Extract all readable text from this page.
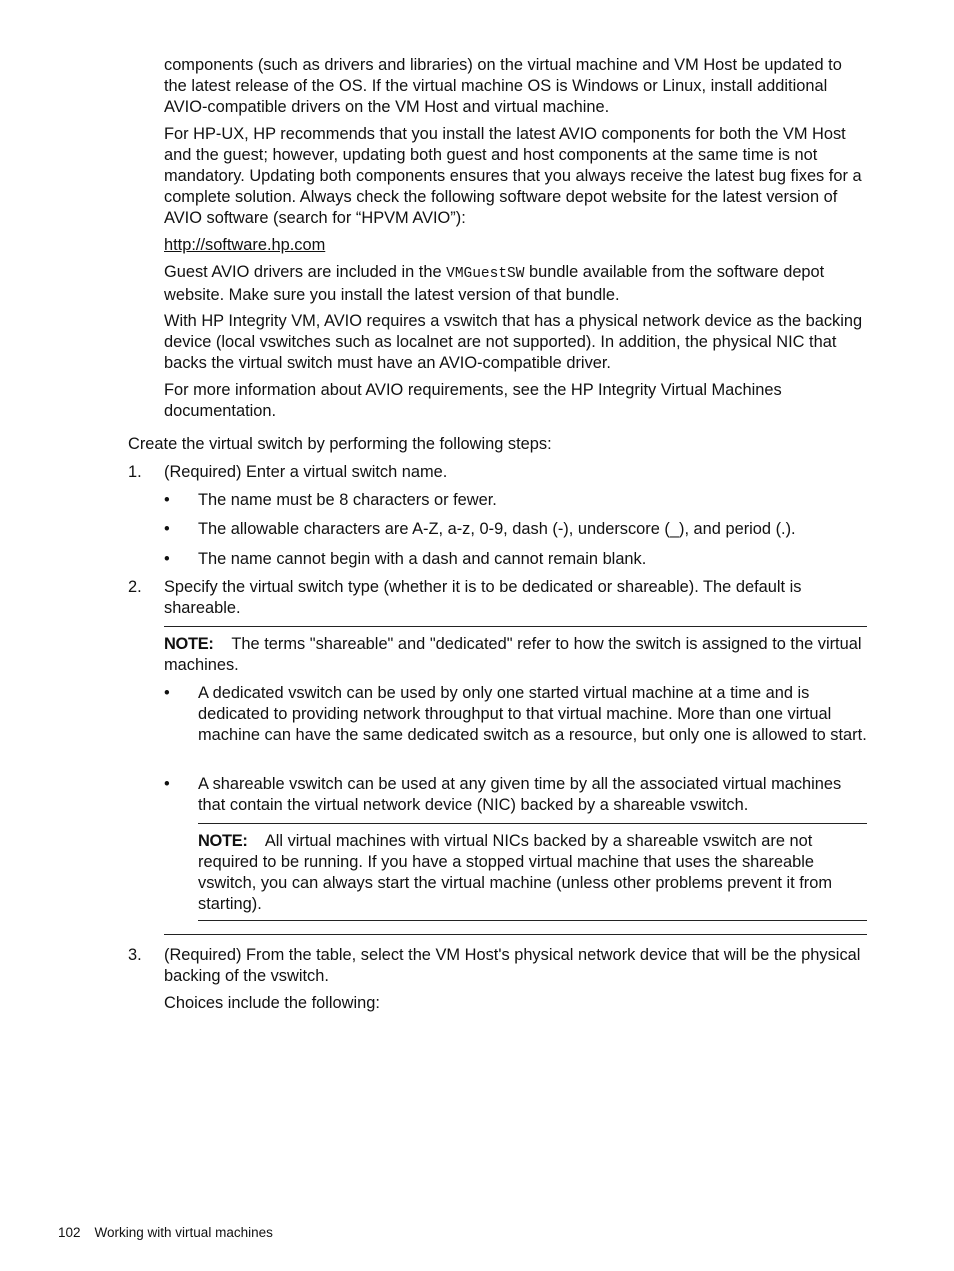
components (such as drivers and libraries) on the virtual machine and VM Host be updated to the latest release of the OS. If the virtual machine OS is Windows or Linux, install additional AVIO-compatible drivers on the VM Host and virtual machine.

For HP-UX, HP recommends that you install the latest AVIO components for both the VM Host and the guest; however, updating both guest and host components at the same time is not mandatory. Updating both components ensures that you always receive the latest bug fixes for a complete solution. Always check the following software depot website for the latest version of AVIO software (search for “HPVM AVIO”):

http://software.hp.com

Guest AVIO drivers are included in the VMGuestSW bundle available from the software depot website. Make sure you install the latest version of that bundle.

With HP Integrity VM, AVIO requires a vswitch that has a physical network device as the backing device (local vswitches such as localnet are not supported). In addition, the physical NIC that backs the virtual switch must have an AVIO-compatible driver.

For more information about AVIO requirements, see the HP Integrity Virtual Machines documentation.

Create the virtual switch by performing the following steps:

1. (Required) Enter a virtual switch name.

• The name must be 8 characters or fewer.

• The allowable characters are A-Z, a-z, 0-9, dash (-), underscore (_), and period (.).

• The name cannot begin with a dash and cannot remain blank.

2. Specify the virtual switch type (whether it is to be dedicated or shareable). The default is shareable.

NOTE: The terms "shareable" and "dedicated" refer to how the switch is assigned to the virtual machines.

• A dedicated vswitch can be used by only one started virtual machine at a time and is dedicated to providing network throughput to that virtual machine. More than one virtual machine can have the same dedicated switch as a resource, but only one is allowed to start.

• A shareable vswitch can be used at any given time by all the associated virtual machines that contain the virtual network device (NIC) backed by a shareable vswitch.

NOTE: All virtual machines with virtual NICs backed by a shareable vswitch are not required to be running. If you have a stopped virtual machine that uses the shareable vswitch, you can always start the virtual machine (unless other problems prevent it from starting).

3. (Required) From the table, select the VM Host's physical network device that will be the physical backing of the vswitch.

Choices include the following:

102 Working with virtual machines
